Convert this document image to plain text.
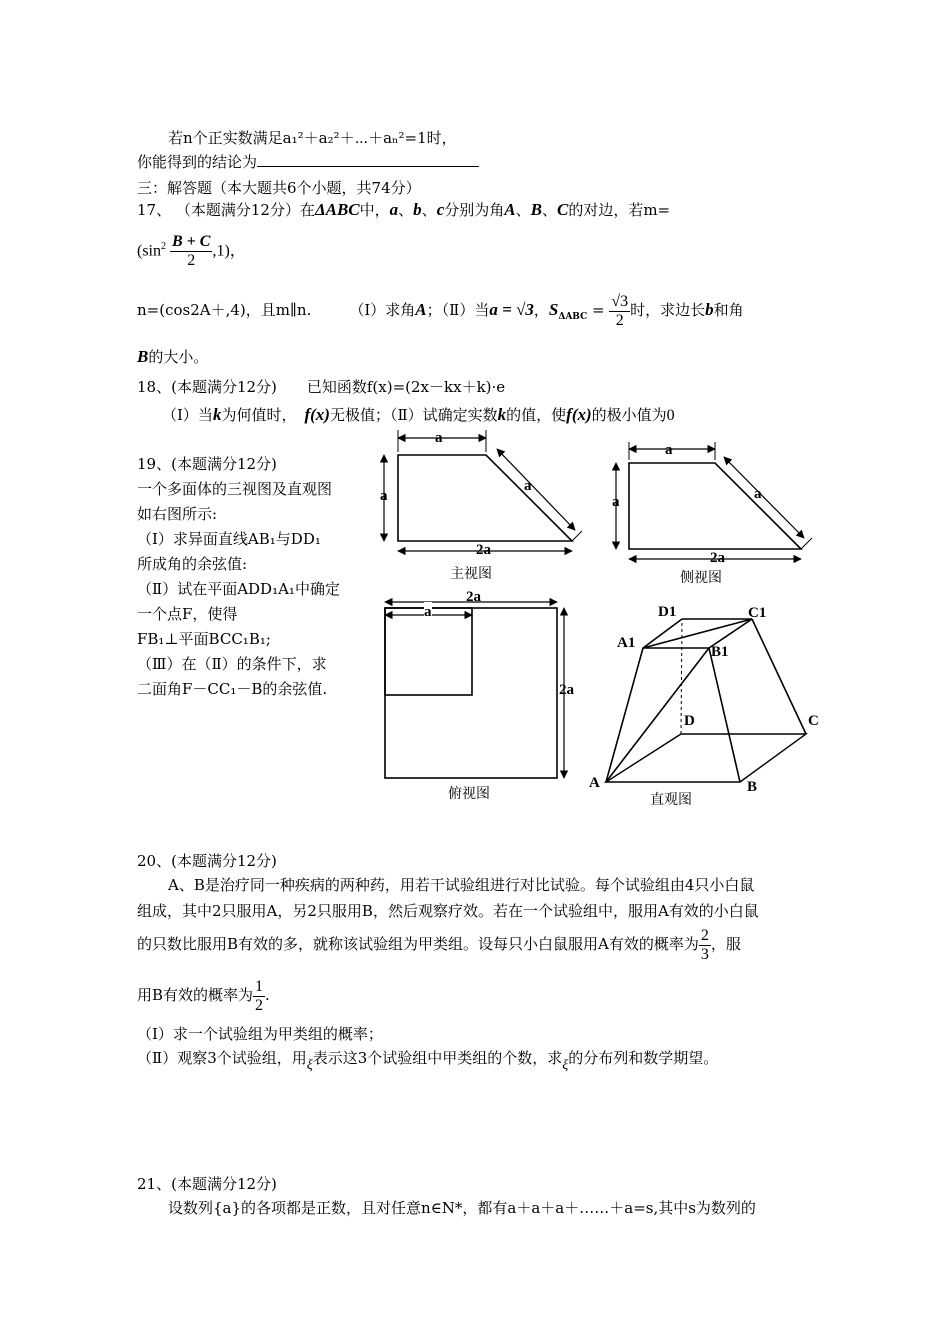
若n个正实数满足a₁²＋a₂²＋⋯＋aₙ²=1时，
你能得到的结论为
三：解答题（本大题共6个小题，共74分）
17、 （本题满分12分）在ΔABC中，a、b、c分别为角A、B、C的对边，若m=
$(\sin^2 \frac{B + C}{2} ,1)$，
n=(cos2A＋,4)，且m∥n.	（Ⅰ）求角A；（Ⅱ）当a = √3，$S_{\Delta ABC} = \frac{√3}{2}$ 时，求边长b和角
B的大小。
18、(本题满分12分)　　已知函数f(x)=(2x－kx＋k)·e
（Ⅰ）当k为何值时， f(x)无极值；（Ⅱ）试确定实数k的值，使f(x)的极小值为0
19、(本题满分12分)
一个多面体的三视图及直观图
如右图所示:
（Ⅰ）求异面直线AB₁与DD₁
所成角的余弦值:
（Ⅱ）试在平面ADD₁A₁中确定
一个点F，使得
FB₁⊥平面BCC₁B₁;
（Ⅲ）在（Ⅱ）的条件下，求
二面角F－CC₁－B的余弦值.
a
a
a
2a
主视图
a
a	a
2a
侧视图
2a
a
2a
俯视图
D1	C1
A1
B1
D	C
A	B
直观图
20、(本题满分12分)
A、B是治疗同一种疾病的两种药，用若干试验组进行对比试验。每个试验组由4只小白鼠
组成，其中2只服用A，另2只服用B，然后观察疗效。若在一个试验组中，服用A有效的小白鼠
的只数比服用B有效的多，就称该试验组为甲类组。设每只小白鼠服用A有效的概率为 $\frac{2}{3}$ ，服
用B有效的概率为 $\frac{1}{2}$ .
（Ⅰ）求一个试验组为甲类组的概率；
（Ⅱ）观察3个试验组，用ξ表示这3个试验组中甲类组的个数，求ξ的分布列和数学期望。
21、(本题满分12分)
设数列{a}的各项都是正数，且对任意n∈N*，都有a＋a＋a＋……＋a=s,其中s为数列的
